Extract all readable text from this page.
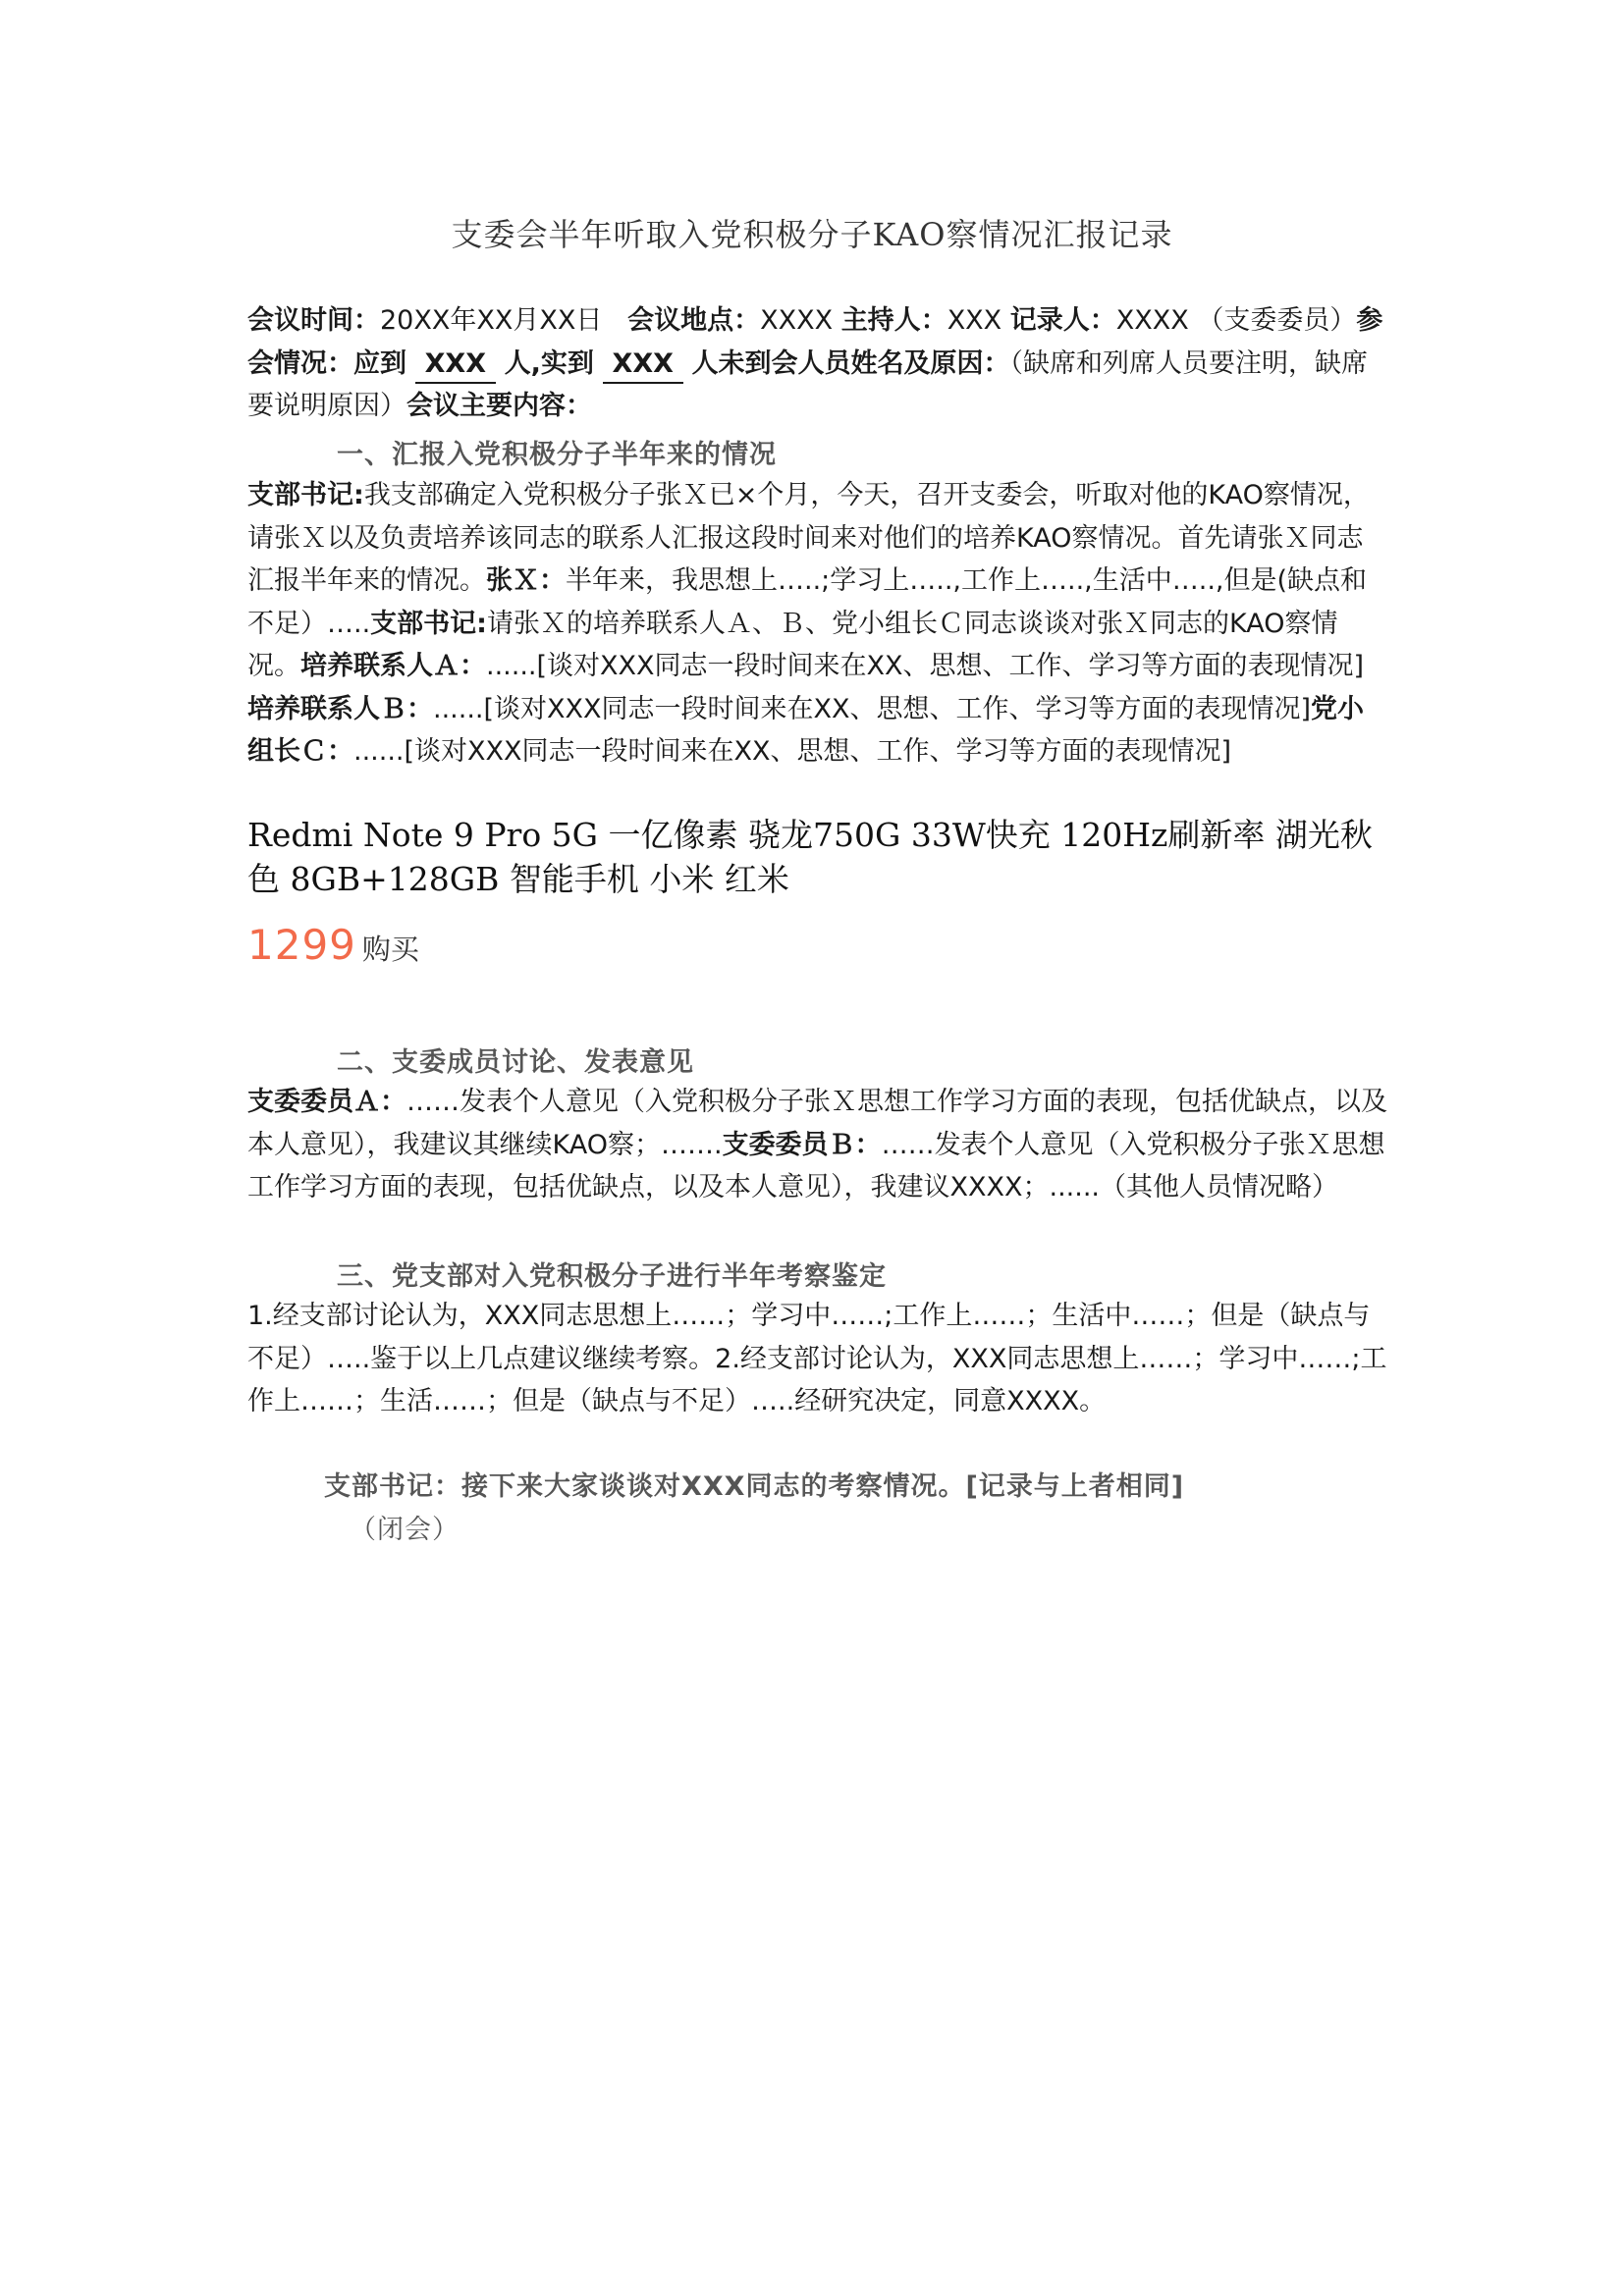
支委会半年听取入党积极分子KAO察情况汇报记录
会议时间：20XX年XX月XX日 会议地点：XXXX 主持人：XXX 记录人：XXXX （支委委员）参会情况：应到 XXX 人,实到 XXX 人未到会人员姓名及原因：（缺席和列席人员要注明，缺席要说明原因）会议主要内容：
一、汇报入党积极分子半年来的情况
支部书记:我支部确定入党积极分子张Ｘ已×个月，今天，召开支委会，听取对他的KAO察情况，请张Ｘ以及负责培养该同志的联系人汇报这段时间来对他们的培养KAO察情况。首先请张Ｘ同志汇报半年来的情况。张Ｘ：半年来，我思想上…..;学习上…..,工作上…..,生活中…..,但是(缺点和不足）…..支部书记:请张Ｘ的培养联系人Ａ、Ｂ、党小组长Ｃ同志谈谈对张Ｘ同志的KAO察情况。培养联系人Ａ：......[谈对XXX同志一段时间来在XX、思想、工作、学习等方面的表现情况]培养联系人Ｂ：......[谈对XXX同志一段时间来在XX、思想、工作、学习等方面的表现情况]党小组长Ｃ：......[谈对XXX同志一段时间来在XX、思想、工作、学习等方面的表现情况]
Redmi Note 9 Pro 5G 一亿像素 骁龙750G 33W快充 120Hz刷新率 湖光秋色 8GB+128GB 智能手机 小米 红米
1299 购买
二、支委成员讨论、发表意见
支委委员Ａ：……发表个人意见（入党积极分子张Ｘ思想工作学习方面的表现，包括优缺点，以及本人意见），我建议其继续KAO察；…….支委委员Ｂ：……发表个人意见（入党积极分子张Ｘ思想工作学习方面的表现，包括优缺点，以及本人意见），我建议XXXX；......（其他人员情况略）
三、党支部对入党积极分子进行半年考察鉴定
1.经支部讨论认为，XXX同志思想上……；学习中……;工作上……；生活中……；但是（缺点与不足）…..鉴于以上几点建议继续考察。2.经支部讨论认为，XXX同志思想上……；学习中……;工作上……；生活……；但是（缺点与不足）…..经研究决定，同意XXXX。
支部书记：接下来大家谈谈对XXX同志的考察情况。[记录与上者相同]
（闭会）
